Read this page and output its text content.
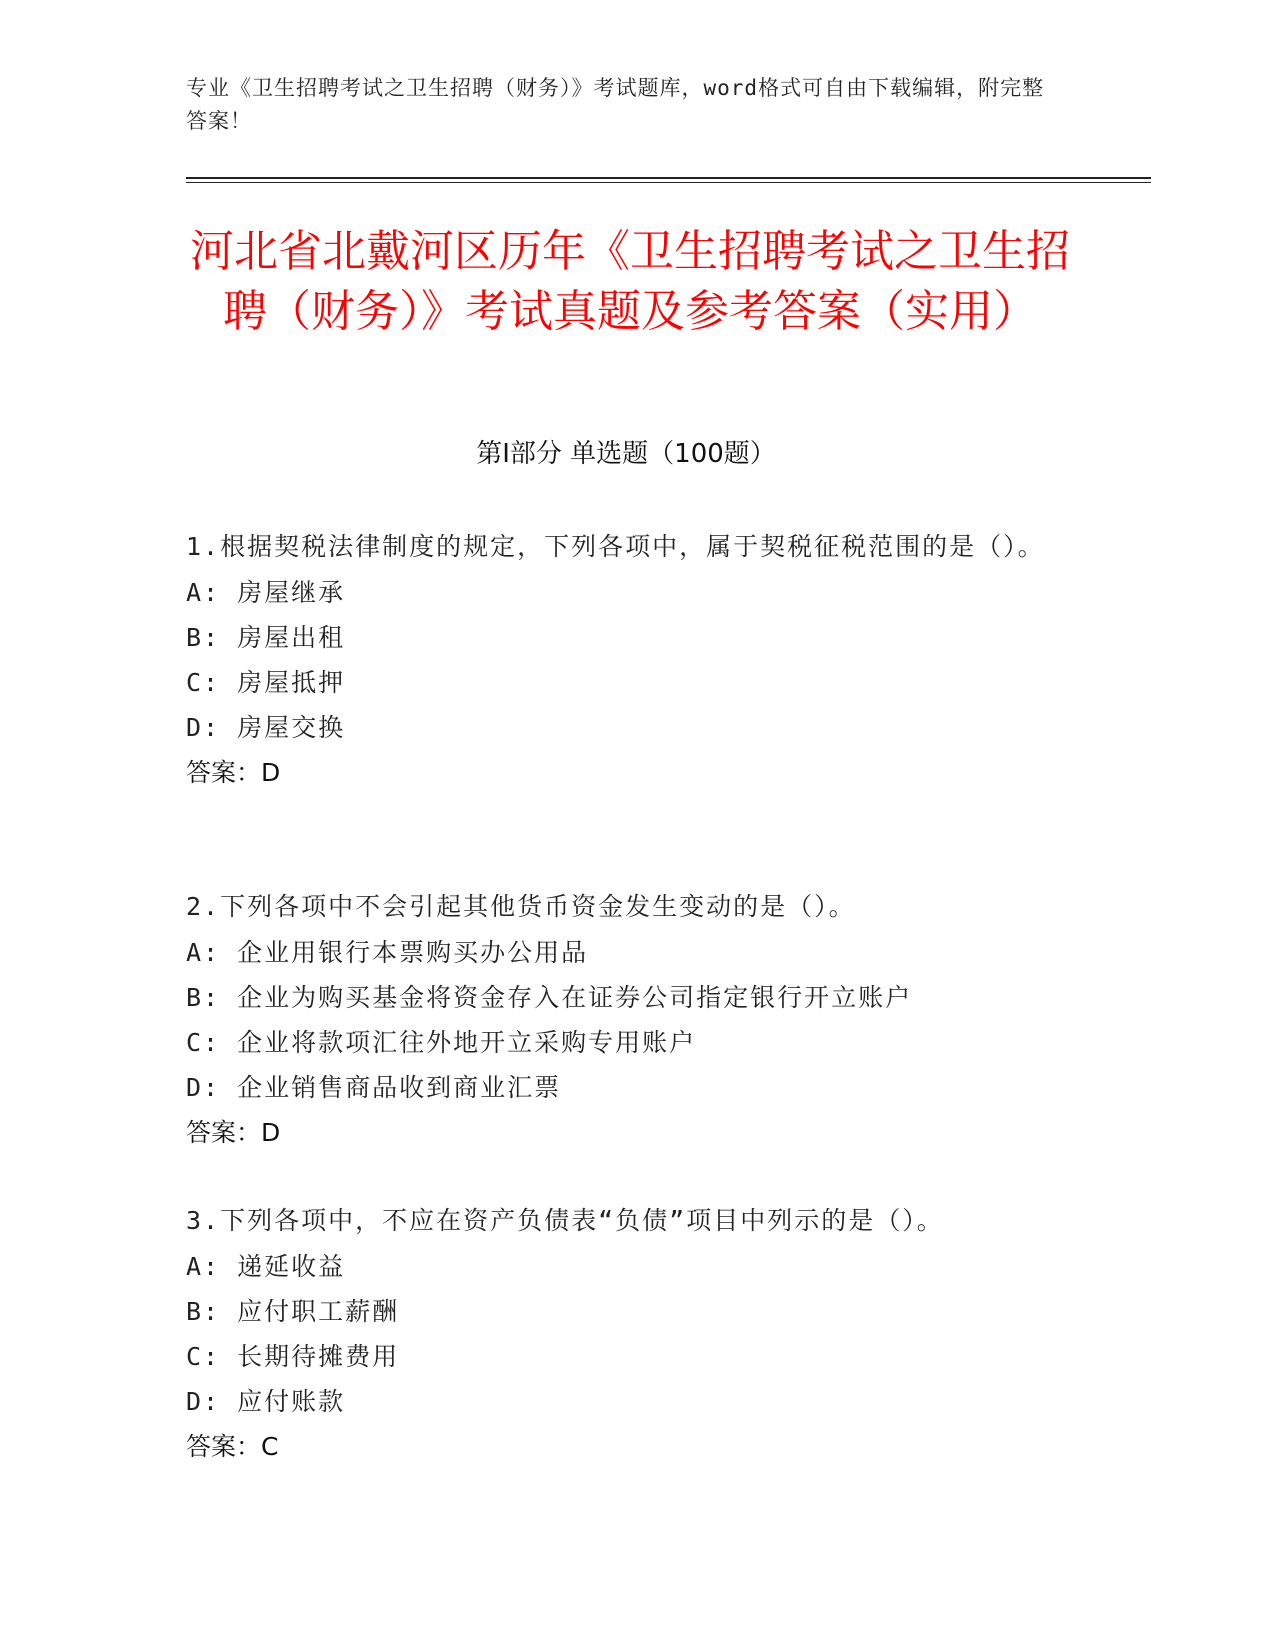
专业《卫生招聘考试之卫生招聘（财务）》考试题库，word格式可自由下载编辑，附完整答案！
河北省北戴河区历年《卫生招聘考试之卫生招聘（财务）》考试真题及参考答案（实用）
第I部分 单选题（100题）
1.根据契税法律制度的规定，下列各项中，属于契税征税范围的是（）。
A: 房屋继承
B: 房屋出租
C: 房屋抵押
D: 房屋交换
答案：D
2.下列各项中不会引起其他货币资金发生变动的是（）。
A: 企业用银行本票购买办公用品
B: 企业为购买基金将资金存入在证券公司指定银行开立账户
C: 企业将款项汇往外地开立采购专用账户
D: 企业销售商品收到商业汇票
答案：D
3.下列各项中，不应在资产负债表“负债”项目中列示的是（）。
A: 递延收益
B: 应付职工薪酬
C: 长期待摊费用
D: 应付账款
答案：C
